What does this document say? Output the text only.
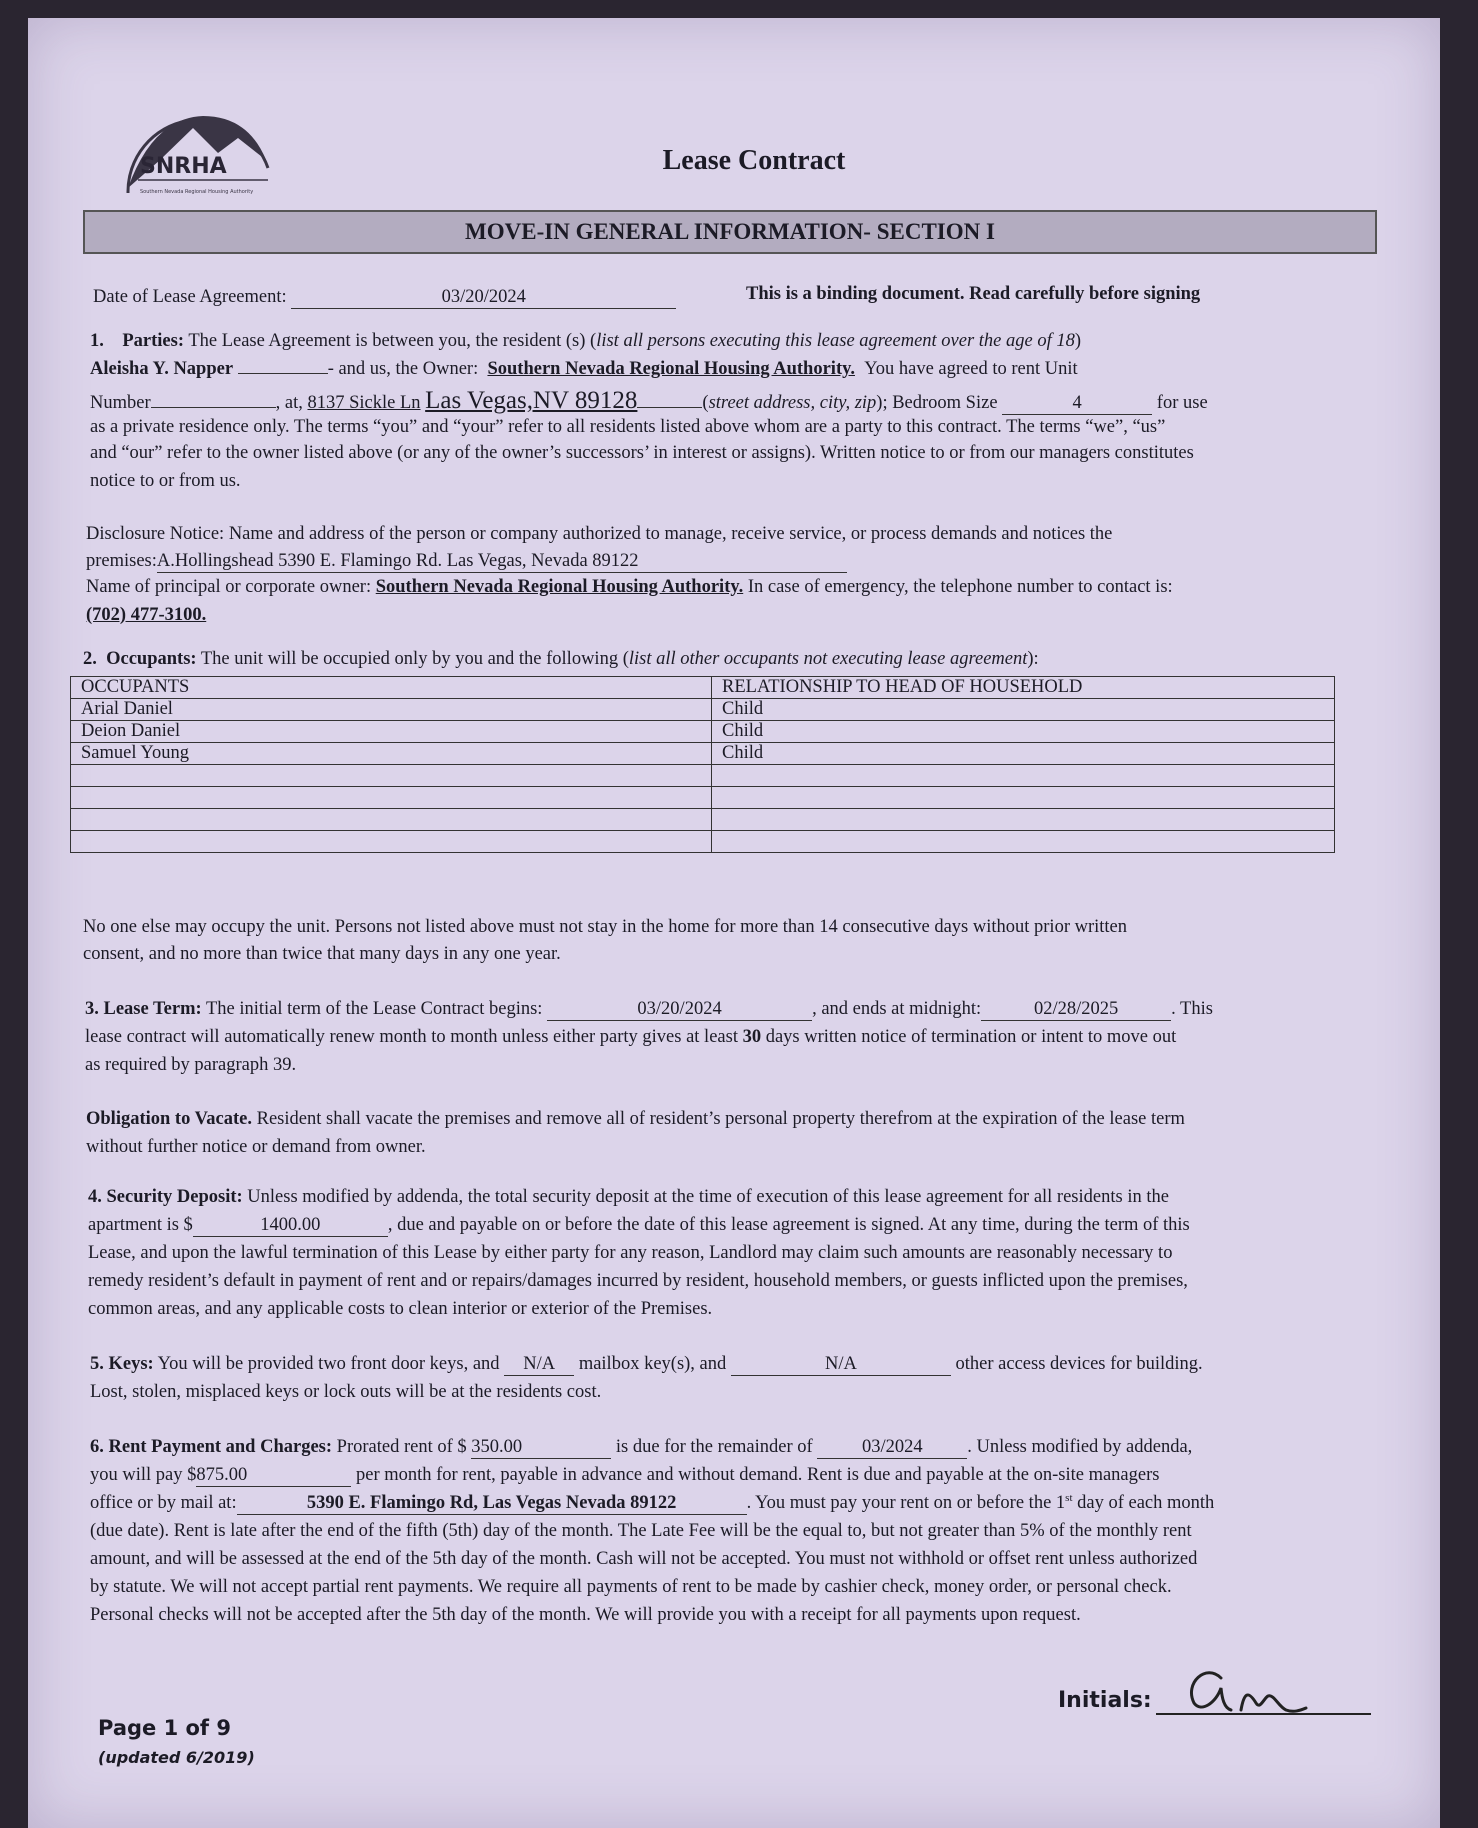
SNRHA
Southern Nevada Regional Housing Authority
Lease Contract
MOVE-IN GENERAL INFORMATION- SECTION I
Date of Lease Agreement:	03/20/2024	This is a binding document. Read carefully before signing
1. Parties: The Lease Agreement is between you, the resident (s) (list all persons executing this lease agreement over the age of 18)
Aleisha Y. Napper	- and us, the Owner: Southern Nevada Regional Housing Authority. You have agreed to rent Unit
Number	, at, 8137 Sickle Ln Las Vegas,NV 89128	(street address, city, zip); Bedroom Size	4	for use
as a private residence only. The terms “you” and “your” refer to all residents listed above whom are a party to this contract. The terms “we”, “us”
and “our” refer to the owner listed above (or any of the owner’s successors’ in interest or assigns). Written notice to or from our managers constitutes
notice to or from us.
Disclosure Notice: Name and address of the person or company authorized to manage, receive service, or process demands and notices the
premises:A.Hollingshead 5390 E. Flamingo Rd. Las Vegas, Nevada 89122
Name of principal or corporate owner: Southern Nevada Regional Housing Authority. In case of emergency, the telephone number to contact is:
(702) 477-3100.
2. Occupants: The unit will be occupied only by you and the following (list all other occupants not executing lease agreement):
OCCUPANTS	RELATIONSHIP TO HEAD OF HOUSEHOLD
Arial Daniel	Child
Deion Daniel	Child
Samuel Young	Child

No one else may occupy the unit. Persons not listed above must not stay in the home for more than 14 consecutive days without prior written
consent, and no more than twice that many days in any one year.
3. Lease Term: The initial term of the Lease Contract begins:	03/20/2024	, and ends at midnight:	02/28/2025	. This
lease contract will automatically renew month to month unless either party gives at least 30 days written notice of termination or intent to move out
as required by paragraph 39.
Obligation to Vacate. Resident shall vacate the premises and remove all of resident’s personal property therefrom at the expiration of the lease term
without further notice or demand from owner.
4. Security Deposit: Unless modified by addenda, the total security deposit at the time of execution of this lease agreement for all residents in the
apartment is $	1400.00	, due and payable on or before the date of this lease agreement is signed. At any time, during the term of this
Lease, and upon the lawful termination of this Lease by either party for any reason, Landlord may claim such amounts are reasonably necessary to
remedy resident’s default in payment of rent and or repairs/damages incurred by resident, household members, or guests inflicted upon the premises,
common areas, and any applicable costs to clean interior or exterior of the Premises.
5. Keys: You will be provided two front door keys, and N/A mailbox key(s), and	N/A	other access devices for building.
Lost, stolen, misplaced keys or lock outs will be at the residents cost.
6. Rent Payment and Charges: Prorated rent of $ 350.00	is due for the remainder of	03/2024 . Unless modified by addenda,
you will pay $875.00	per month for rent, payable in advance and without demand. Rent is due and payable at the on-site managers
office or by mail at:	5390 E. Flamingo Rd, Las Vegas Nevada 89122	. You must pay your rent on or before the 1st day of each month
(due date). Rent is late after the end of the fifth (5th) day of the month. The Late Fee will be the equal to, but not greater than 5% of the monthly rent
amount, and will be assessed at the end of the 5th day of the month. Cash will not be accepted. You must not withhold or offset rent unless authorized
by statute. We will not accept partial rent payments. We require all payments of rent to be made by cashier check, money order, or personal check.
Personal checks will not be accepted after the 5th day of the month. We will provide you with a receipt for all payments upon request.
Page 1 of 9
(updated 6/2019)
Initials:
